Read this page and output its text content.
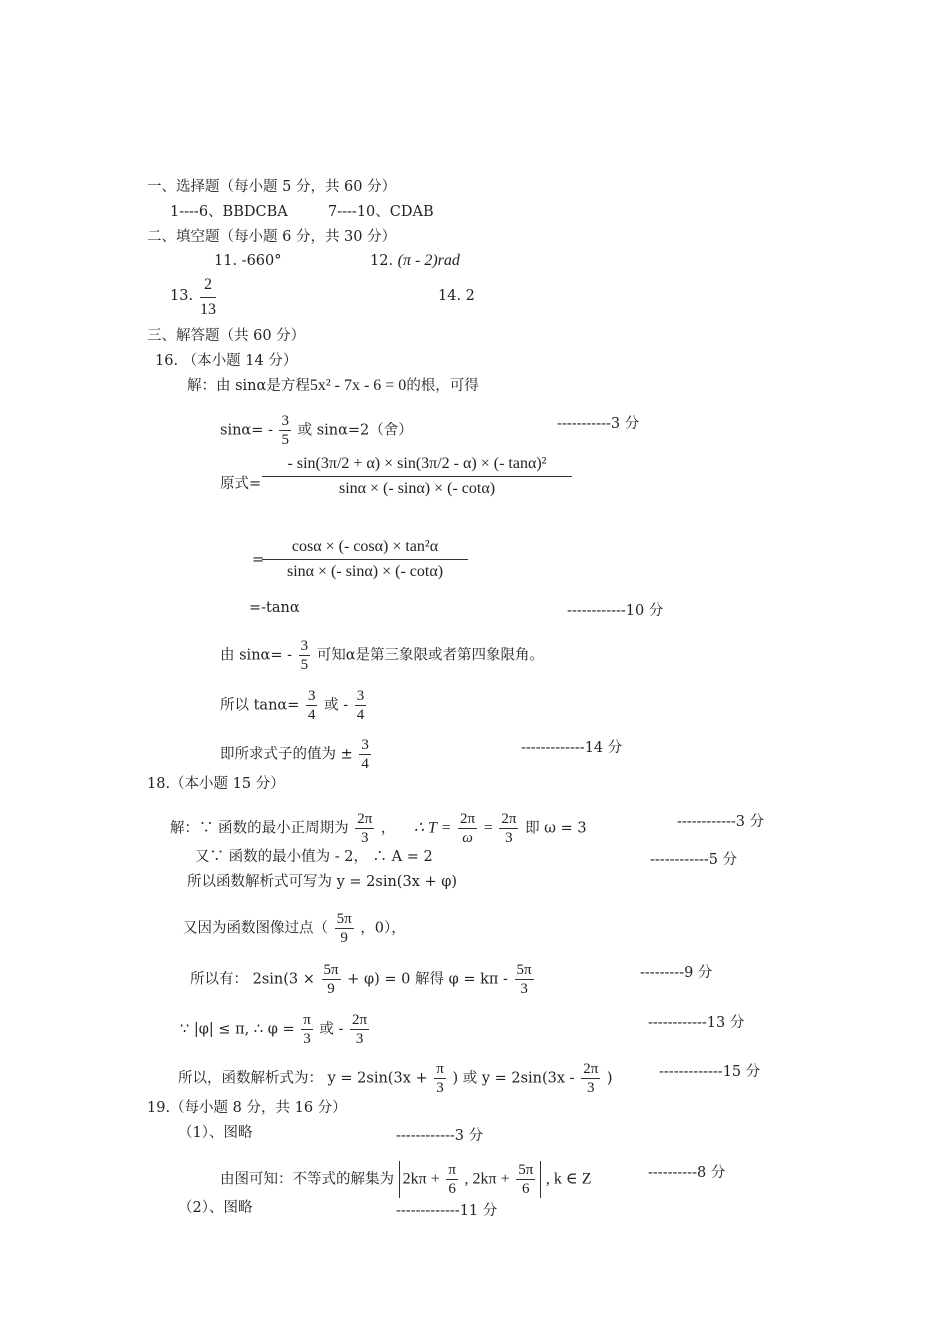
一、选择题（每小题 5 分，共 60 分）
1----6、BBDCBA	7----10、CDAB
二、填空题（每小题 6 分，共 30 分）
11. -660°	12. (π - 2)rad
13. $\frac{2}{13}$	14. 2
三、解答题（共 60 分）
16. （本小题 14 分）
解：由 sinα是方程5x² - 7x - 6 = 0的根，可得
$\sin\alpha= - \frac{3}{5}$ 或 sinα=2（舍）	-----------3 分
原式= $\frac{\text{- sin(3π/2 + α) × sin(3π/2 - α) × (- tanα)²}}{\sin\alpha \times (- \sin\alpha) \times (- \cot\alpha)}$
=
$\frac{\text{cosα × (- cosα) × tan²α}}{\sin\alpha \times (- \sin\alpha) \times (- \cot\alpha)}$
=-tanα	------------10 分
由 $\sin\alpha= - \frac{3}{5}$ 可知α是第三象限或者第四象限角。
所以 $\tan\alpha= \frac{3}{4}$ 或 - $\frac{3}{4}$
即所求式子的值为 ± $\frac{3}{4}$	-------------14 分
18.（本小题 15 分）
解：∵ 函数的最小正周期为 $\frac{2\pi}{3}$ ， ∴ $T = \frac{2\pi}{\omega} = \frac{2\pi}{3}$ 即 ω = 3	------------3 分
又∵ 函数的最小值为 - 2， ∴ A = 2	------------5 分
所以函数解析式可写为 y = 2sin(3x + φ)
又因为函数图像过点（ $\frac{5\pi}{9}$ ，0），
所以有： $2\sin(3 \times \frac{5\pi}{9} + \varphi) = 0$ 解得 $\varphi = k\pi - \frac{5\pi}{3}$	---------9 分
∵ |φ| ≤ π, ∴ $\varphi = \frac{\pi}{3}$ 或 - $\frac{2\pi}{3}$	------------13 分
所以，函数解析式为： $y = 2\sin(3x + \frac{\pi}{3}$ ) 或 $y = 2\sin(3x - \frac{2\pi}{3}$ )	-------------15 分
19.（每小题 8 分，共 16 分）
（1）、图略	------------3 分
由图可知：不等式的解集为 $2k\pi + \frac{\pi}{6}$ , $2k\pi + \frac{5\pi}{6}$ , k ∈ Z	----------8 分
（2）、图略	-------------11 分
